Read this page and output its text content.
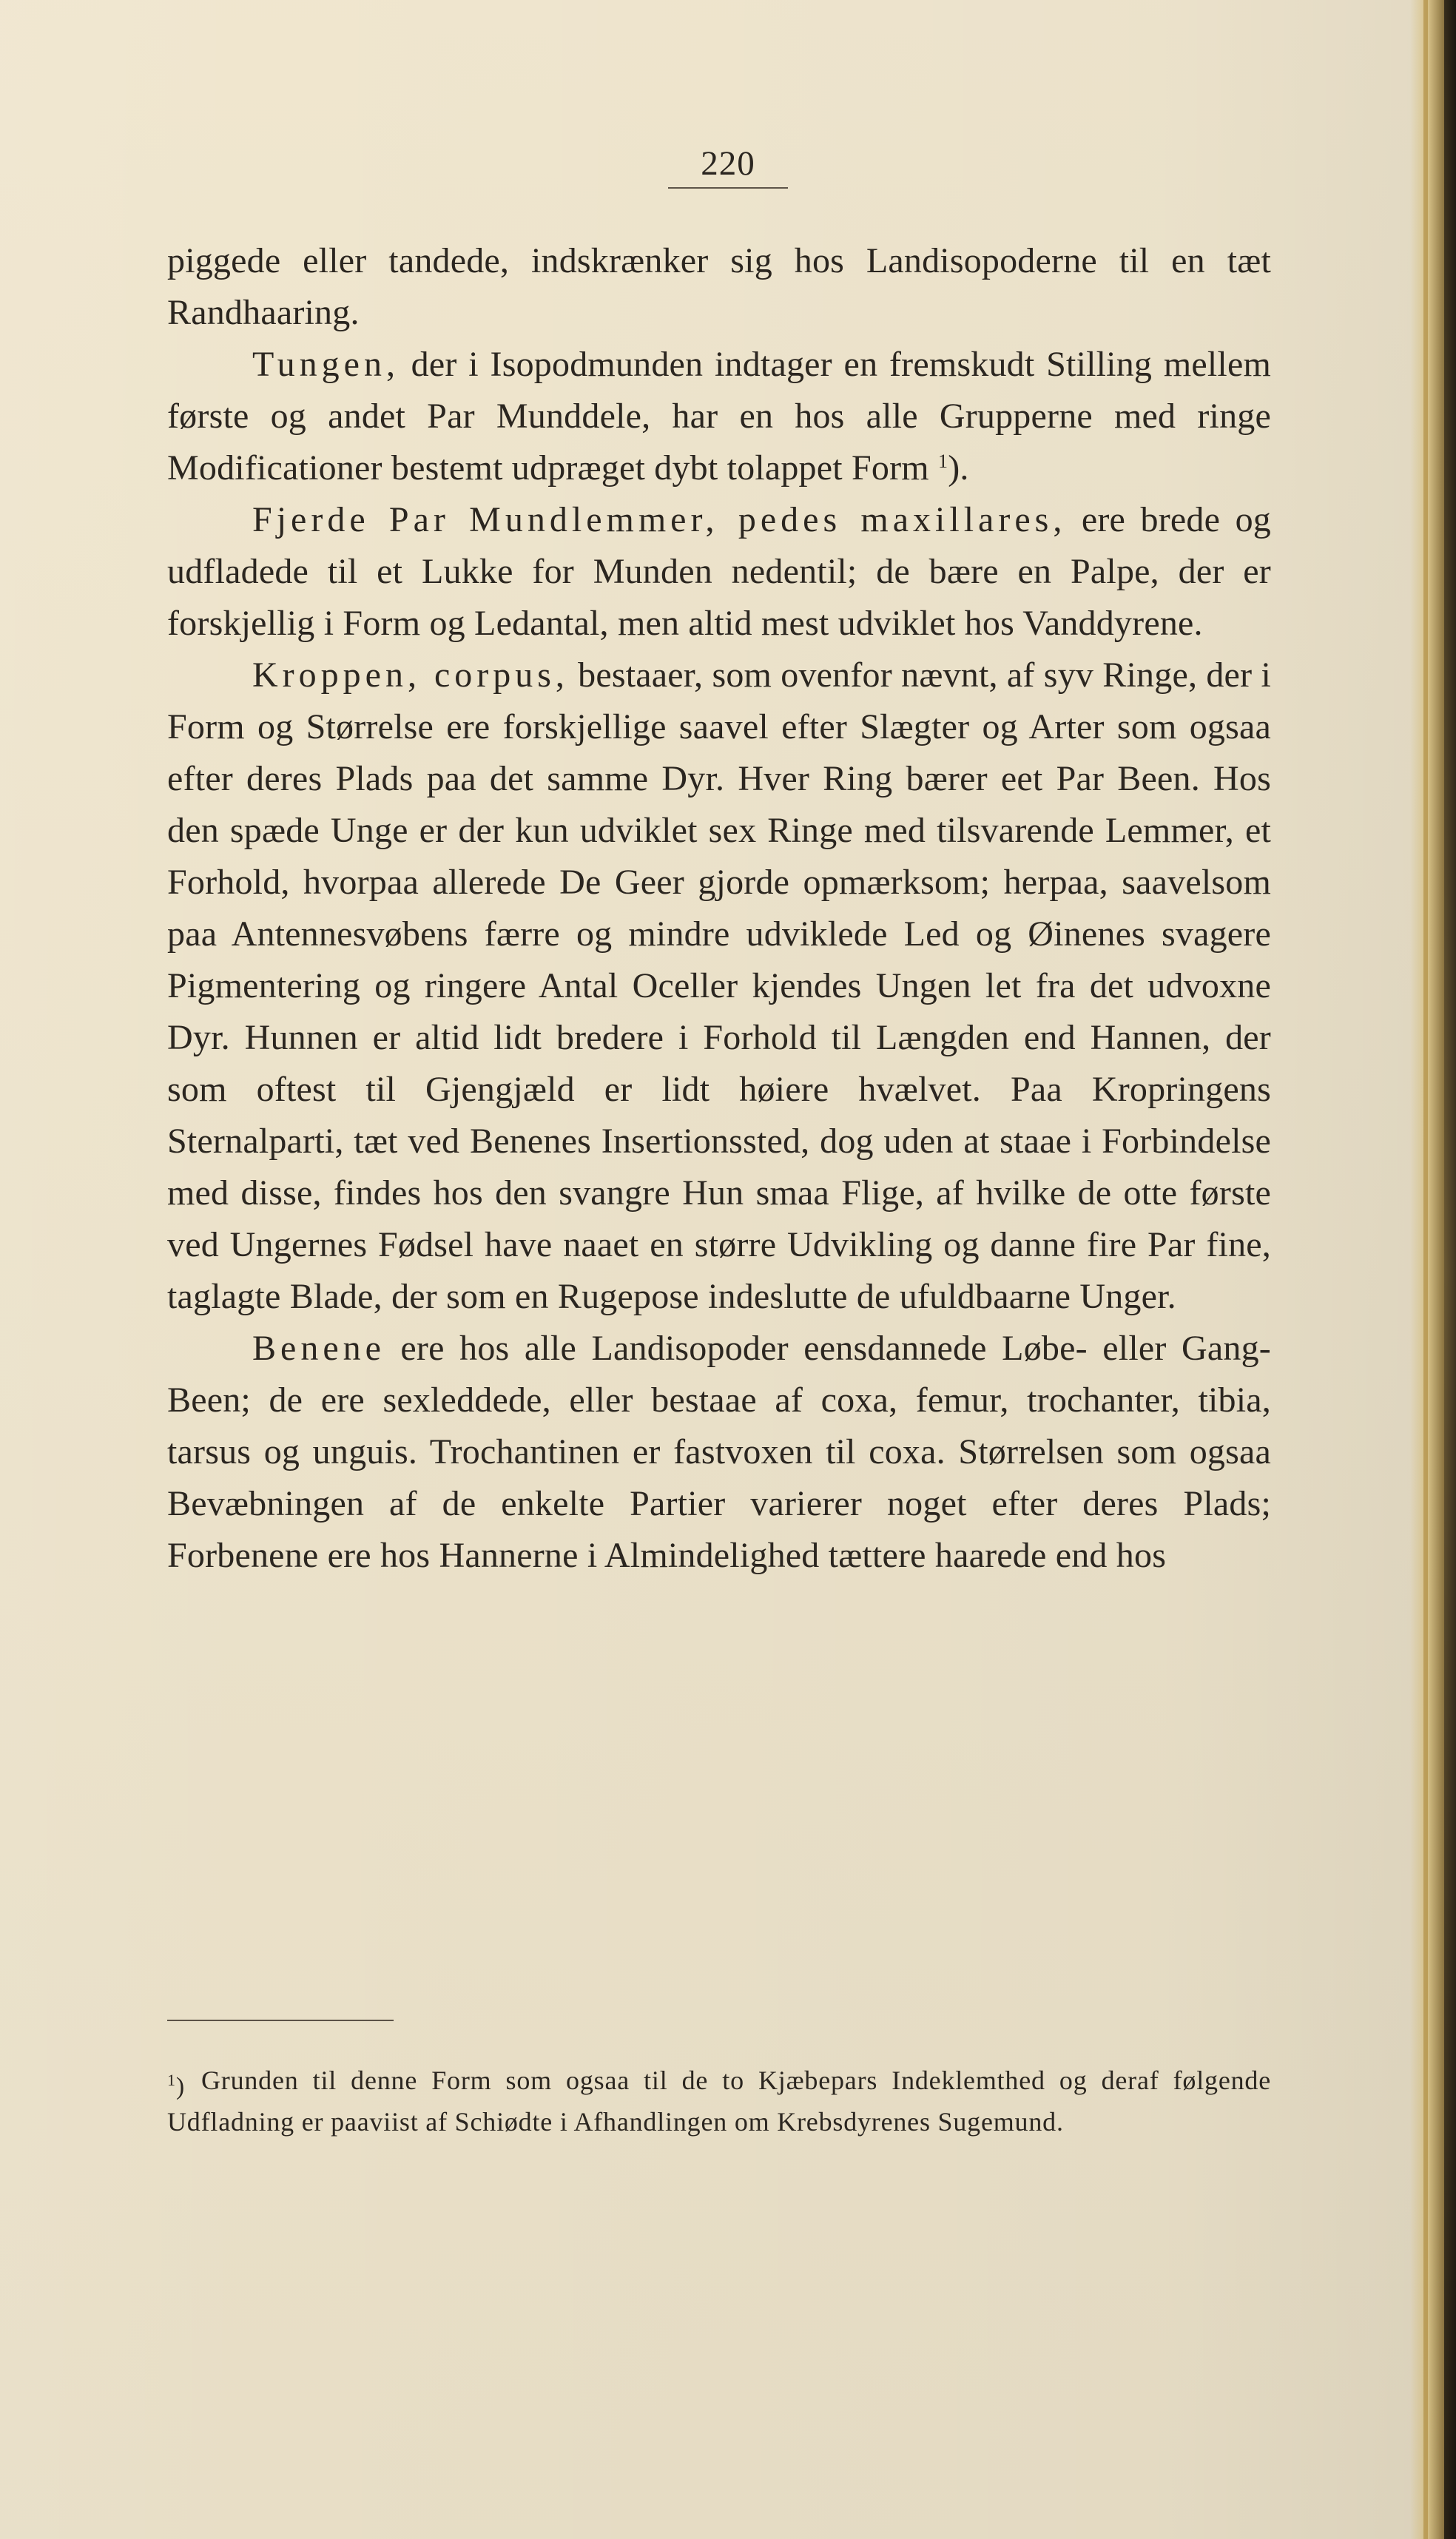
220

piggede eller tandede, indskrænker sig hos Landisopoderne til en tæt Randhaaring.

Tungen, der i Isopodmunden indtager en fremskudt Stilling mellem første og andet Par Munddele, har en hos alle Grupperne med ringe Modificationer bestemt udpræget dybt tolappet Form $^1$).

Fjerde Par Mundlemmer, pedes maxillares, ere brede og udfladede til et Lukke for Munden nedentil; de bære en Palpe, der er forskjellig i Form og Ledantal, men altid mest udviklet hos Vanddyrene.

Kroppen, corpus, bestaaer, som ovenfor nævnt, af syv Ringe, der i Form og Størrelse ere forskjellige saavel efter Slægter og Arter som ogsaa efter deres Plads paa det samme Dyr. Hver Ring bærer eet Par Been. Hos den spæde Unge er der kun udviklet sex Ringe med tilsvarende Lemmer, et Forhold, hvorpaa allerede De Geer gjorde opmærksom; herpaa, saavelsom paa Antennesvøbens færre og mindre udviklede Led og Øinenes svagere Pigmentering og ringere Antal Oceller kjendes Ungen let fra det udvoxne Dyr. Hunnen er altid lidt bredere i Forhold til Længden end Hannen, der som oftest til Gjengjæld er lidt høiere hvælvet. Paa Kropringens Sternalparti, tæt ved Benenes Insertionssted, dog uden at staae i Forbindelse med disse, findes hos den svangre Hun smaa Flige, af hvilke de otte første ved Ungernes Fødsel have naaet en større Udvikling og danne fire Par fine, taglagte Blade, der som en Rugepose indeslutte de ufuldbaarne Unger.

Benene ere hos alle Landisopoder eensdannede Løbe- eller Gang-Been; de ere sexleddede, eller bestaae af coxa, femur, trochanter, tibia, tarsus og unguis. Trochantinen er fastvoxen til coxa. Størrelsen som ogsaa Bevæbningen af de enkelte Partier varierer noget efter deres Plads; Forbenene ere hos Hannerne i Almindelighed tættere haarede end hos

$^1$) Grunden til denne Form som ogsaa til de to Kjæbepars Indeklemthed og deraf følgende Udfladning er paaviist af Schiødte i Afhandlingen om Krebsdyrenes Sugemund.
